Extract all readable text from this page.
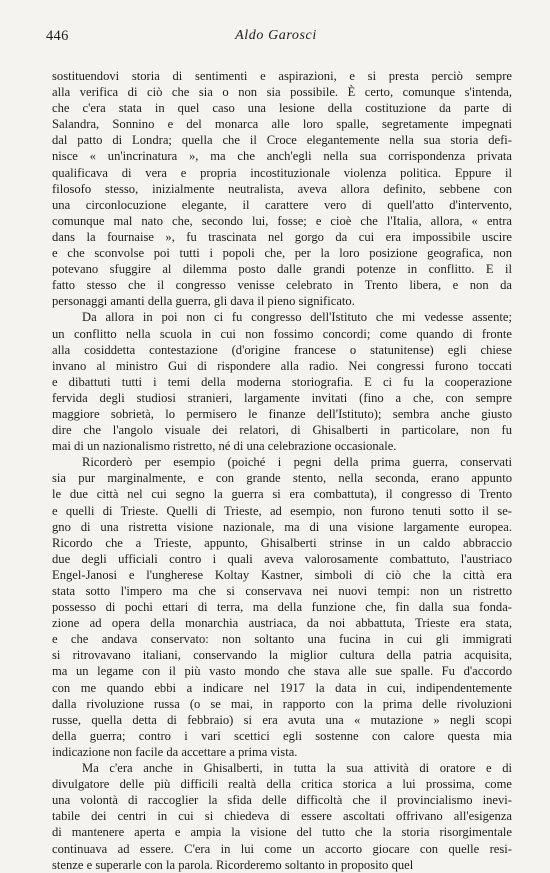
446	Aldo Garosci
sostituendovi storia di sentimenti e aspirazioni, e si presta perciò sempre
alla verifica di ciò che sia o non sia possibile. È certo, comunque s'intenda,
che c'era stata in quel caso una lesione della costituzione da parte di
Salandra, Sonnino e del monarca alle loro spalle, segretamente impegnati
dal patto di Londra; quella che il Croce elegantemente nella sua storia defi-
nisce « un'incrinatura », ma che anch'egli nella sua corrispondenza privata
qualificava di vera e propria incostituzionale violenza politica. Eppure il
filosofo stesso, inizialmente neutralista, aveva allora definito, sebbene con
una circonlocuzione elegante, il carattere vero di quell'atto d'intervento,
comunque mal nato che, secondo lui, fosse; e cioè che l'Italia, allora, « entra
dans la fournaise », fu trascinata nel gorgo da cui era impossibile uscire
e che sconvolse poi tutti i popoli che, per la loro posizione geografica, non
potevano sfuggire al dilemma posto dalle grandi potenze in conflitto. E il
fatto stesso che il congresso venisse celebrato in Trento libera, e non da
personaggi amanti della guerra, gli dava il pieno significato.
Da allora in poi non ci fu congresso dell'Istituto che mi vedesse assente;
un conflitto nella scuola in cui non fossimo concordi; come quando di fronte
alla cosiddetta contestazione (d'origine francese o statunitense) egli chiese
invano al ministro Gui di rispondere alla radio. Nei congressi furono toccati
e dibattuti tutti i temi della moderna storiografia. E ci fu la cooperazione
fervida degli studiosi stranieri, largamente invitati (fino a che, con sempre
maggiore sobrietà, lo permisero le finanze dell'Istituto); sembra anche giusto
dire che l'angolo visuale dei relatori, di Ghisalberti in particolare, non fu
mai di un nazionalismo ristretto, né di una celebrazione occasionale.
Ricorderò per esempio (poiché i pegni della prima guerra, conservati
sia pur marginalmente, e con grande stento, nella seconda, erano appunto
le due città nel cui segno la guerra si era combattuta), il congresso di Trento
e quelli di Trieste. Quelli di Trieste, ad esempio, non furono tenuti sotto il se-
gno di una ristretta visione nazionale, ma di una visione largamente europea.
Ricordo che a Trieste, appunto, Ghisalberti strinse in un caldo abbraccio
due degli ufficiali contro i quali aveva valorosamente combattuto, l'austriaco
Engel-Janosi e l'ungherese Koltay Kastner, simboli di ciò che la città era
stata sotto l'impero ma che si conservava nei nuovi tempi: non un ristretto
possesso di pochi ettari di terra, ma della funzione che, fin dalla sua fonda-
zione ad opera della monarchia austriaca, da noi abbattuta, Trieste era stata,
e che andava conservato: non soltanto una fucina in cui gli immigrati
si ritrovavano italiani, conservando la miglior cultura della patria acquisita,
ma un legame con il più vasto mondo che stava alle sue spalle. Fu d'accordo
con me quando ebbi a indicare nel 1917 la data in cui, indipendentemente
dalla rivoluzione russa (o se mai, in rapporto con la prima delle rivoluzioni
russe, quella detta di febbraio) si era avuta una « mutazione » negli scopi
della guerra; contro i vari scettici egli sostenne con calore questa mia
indicazione non facile da accettare a prima vista.
Ma c'era anche in Ghisalberti, in tutta la sua attività di oratore e di
divulgatore delle più difficili realtà della critica storica a lui prossima, come
una volontà di raccoglier la sfida delle difficoltà che il provincialismo inevi-
tabile dei centri in cui si chiedeva di essere ascoltati offrivano all'esigenza
di mantenere aperta e ampia la visione del tutto che la storia risorgimentale
continuava ad essere. C'era in lui come un accorto giocare con quelle resi-
stenze e superarle con la parola. Ricorderemo soltanto in proposito quel
